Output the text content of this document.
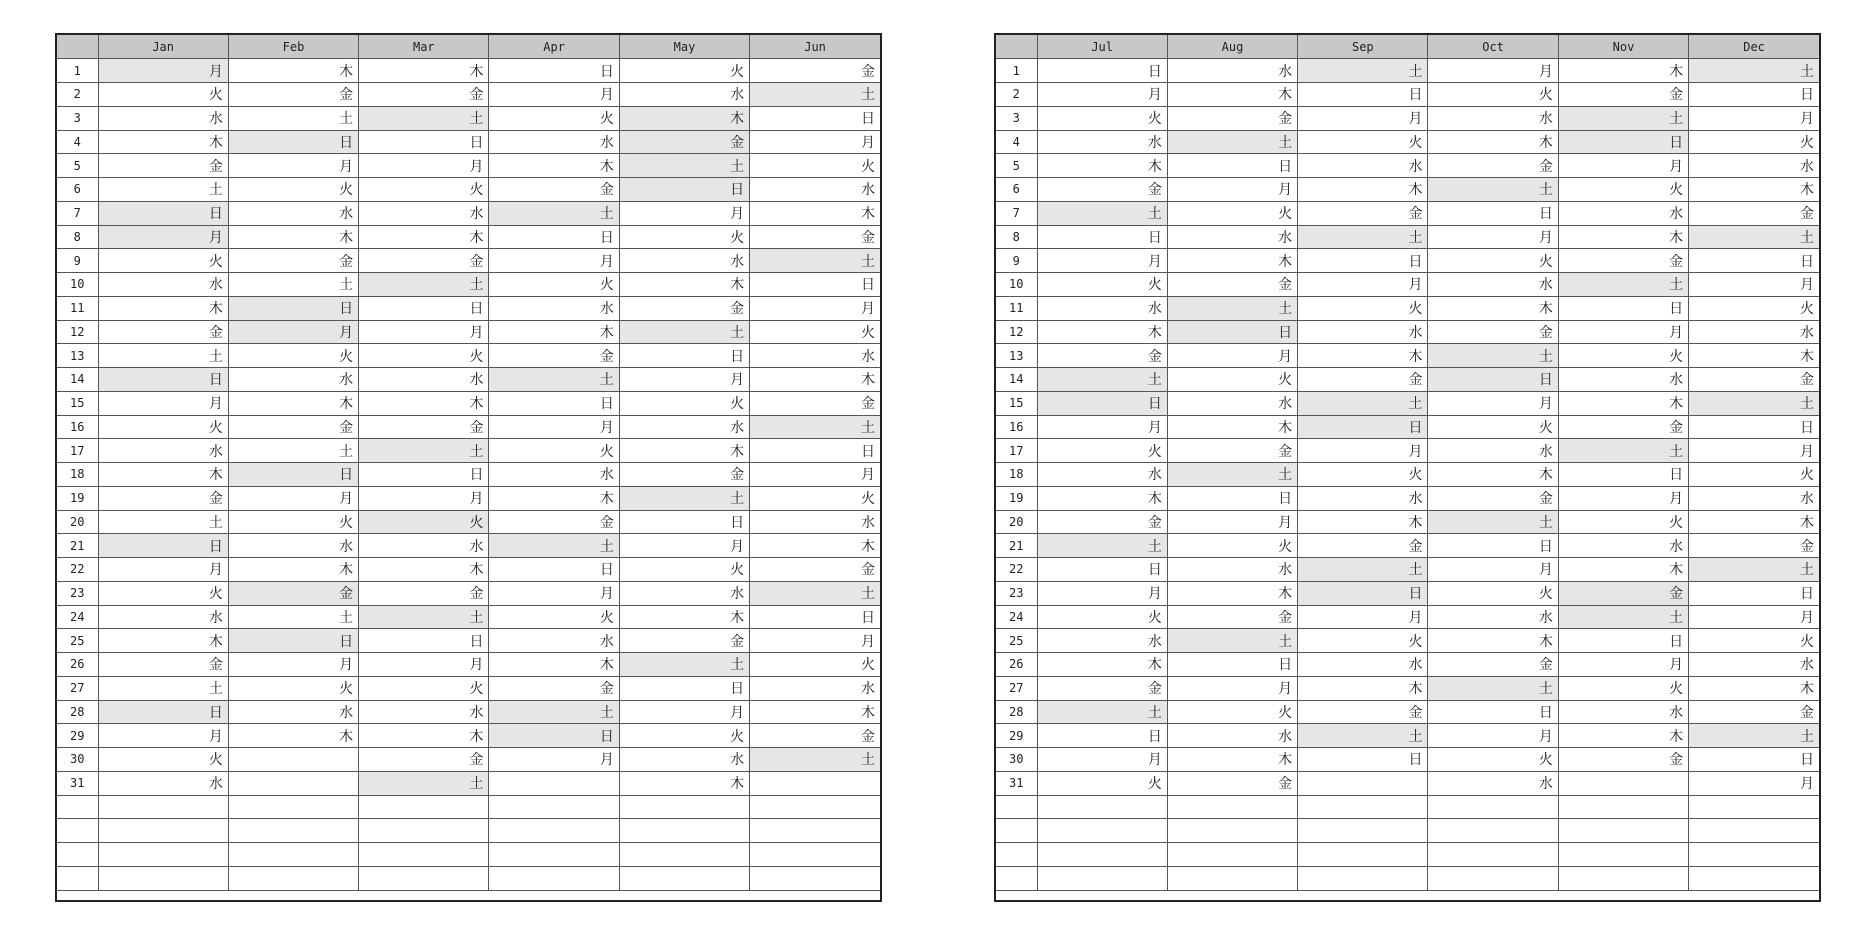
	Jan	Feb	Mar	Apr	May	Jun
1	月	木	木	日	火	金
2	火	金	金	月	水	土
3	水	土	土	火	木	日
4	木	日	日	水	金	月
5	金	月	月	木	土	火
6	土	火	火	金	日	水
7	日	水	水	土	月	木
8	月	木	木	日	火	金
9	火	金	金	月	水	土
10	水	土	土	火	木	日
11	木	日	日	水	金	月
12	金	月	月	木	土	火
13	土	火	火	金	日	水
14	日	水	水	土	月	木
15	月	木	木	日	火	金
16	火	金	金	月	水	土
17	水	土	土	火	木	日
18	木	日	日	水	金	月
19	金	月	月	木	土	火
20	土	火	火	金	日	水
21	日	水	水	土	月	木
22	月	木	木	日	火	金
23	火	金	金	月	水	土
24	水	土	土	火	木	日
25	木	日	日	水	金	月
26	金	月	月	木	土	火
27	土	火	火	金	日	水
28	日	水	水	土	月	木
29	月	木	木	日	火	金
30	火		金	月	水	土
31	水		土		木	

	Jul	Aug	Sep	Oct	Nov	Dec
1	日	水	土	月	木	土
2	月	木	日	火	金	日
3	火	金	月	水	土	月
4	水	土	火	木	日	火
5	木	日	水	金	月	水
6	金	月	木	土	火	木
7	土	火	金	日	水	金
8	日	水	土	月	木	土
9	月	木	日	火	金	日
10	火	金	月	水	土	月
11	水	土	火	木	日	火
12	木	日	水	金	月	水
13	金	月	木	土	火	木
14	土	火	金	日	水	金
15	日	水	土	月	木	土
16	月	木	日	火	金	日
17	火	金	月	水	土	月
18	水	土	火	木	日	火
19	木	日	水	金	月	水
20	金	月	木	土	火	木
21	土	火	金	日	水	金
22	日	水	土	月	木	土
23	月	木	日	火	金	日
24	火	金	月	水	土	月
25	水	土	火	木	日	火
26	木	日	水	金	月	水
27	金	月	木	土	火	木
28	土	火	金	日	水	金
29	日	水	土	月	木	土
30	月	木	日	火	金	日
31	火	金		水		月
